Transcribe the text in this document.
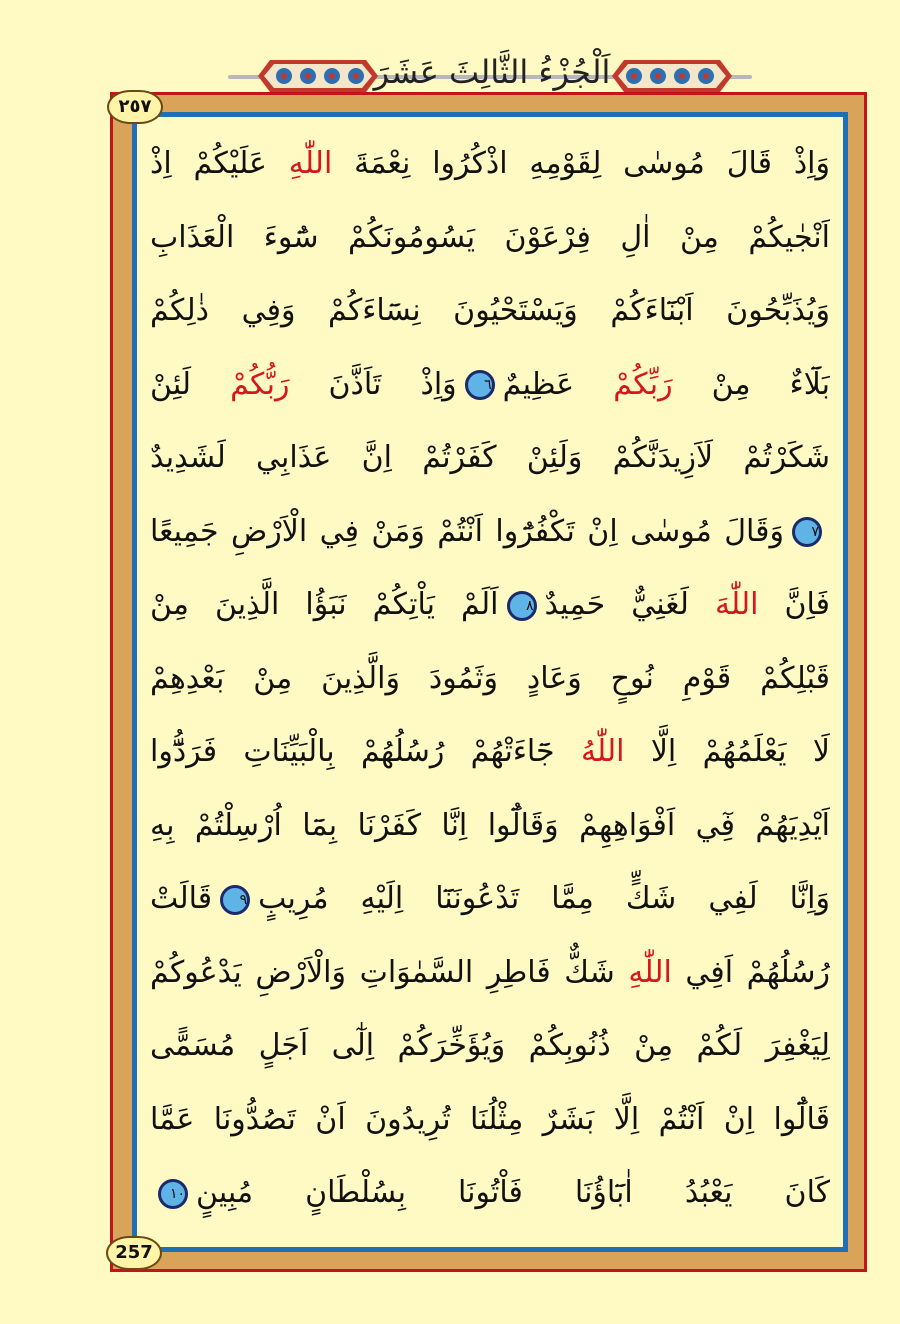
اَلْجُزْءُ الثَّالِثَ عَشَرَ
٢٥٧
257
وَاِذْ قَالَ مُوسٰى لِقَوْمِهِ اذْكُرُوا نِعْمَةَ اللّٰهِ عَلَيْكُمْ اِذْ
اَنْجٰيكُمْ مِنْ اٰلِ فِرْعَوْنَ يَسُومُونَكُمْ سُٓوءَ الْعَذَابِ
وَيُذَبِّحُونَ اَبْنَٓاءَكُمْ وَيَسْتَحْيُونَ نِسَٓاءَكُمْ وَفِي ذٰلِكُمْ
بَلَٓاءٌ مِنْ رَبِّكُمْ عَظِيمٌ٦وَاِذْ تَاَذَّنَ رَبُّكُمْ لَئِنْ
شَكَرْتُمْ لَاَزِيدَنَّكُمْ وَلَئِنْ كَفَرْتُمْ اِنَّ عَذَابِي لَشَدِيدٌ
٧وَقَالَ مُوسٰى اِنْ تَكْفُرُٓوا اَنْتُمْ وَمَنْ فِي الْاَرْضِ جَمِيعًا
فَاِنَّ اللّٰهَ لَغَنِيٌّ حَمِيدٌ٨اَلَمْ يَاْتِكُمْ نَبَؤُا الَّذِينَ مِنْ
قَبْلِكُمْ قَوْمِ نُوحٍ وَعَادٍ وَثَمُودَ وَالَّذِينَ مِنْ بَعْدِهِمْ
لَا يَعْلَمُهُمْ اِلَّا اللّٰهُ جَٓاءَتْهُمْ رُسُلُهُمْ بِالْبَيِّنَاتِ فَرَدُّٓوا
اَيْدِيَهُمْ فِٓي اَفْوَاهِهِمْ وَقَالُٓوا اِنَّا كَفَرْنَا بِمَٓا اُرْسِلْتُمْ بِهِ
وَاِنَّا لَفِي شَكٍّ مِمَّا تَدْعُونَنَٓا اِلَيْهِ مُرِيبٍ٩قَالَتْ
رُسُلُهُمْ اَفِي اللّٰهِ شَكٌّ فَاطِرِ السَّمٰوَاتِ وَالْاَرْضِ يَدْعُوكُمْ
لِيَغْفِرَ لَكُمْ مِنْ ذُنُوبِكُمْ وَيُؤَخِّرَكُمْ اِلٰٓى اَجَلٍ مُسَمًّى
قَالُٓوا اِنْ اَنْتُمْ اِلَّا بَشَرٌ مِثْلُنَا تُرِيدُونَ اَنْ تَصُدُّونَا عَمَّا
كَانَ يَعْبُدُ اٰبَٓاؤُنَا فَاْتُونَا بِسُلْطَانٍ مُبِينٍ١٠
